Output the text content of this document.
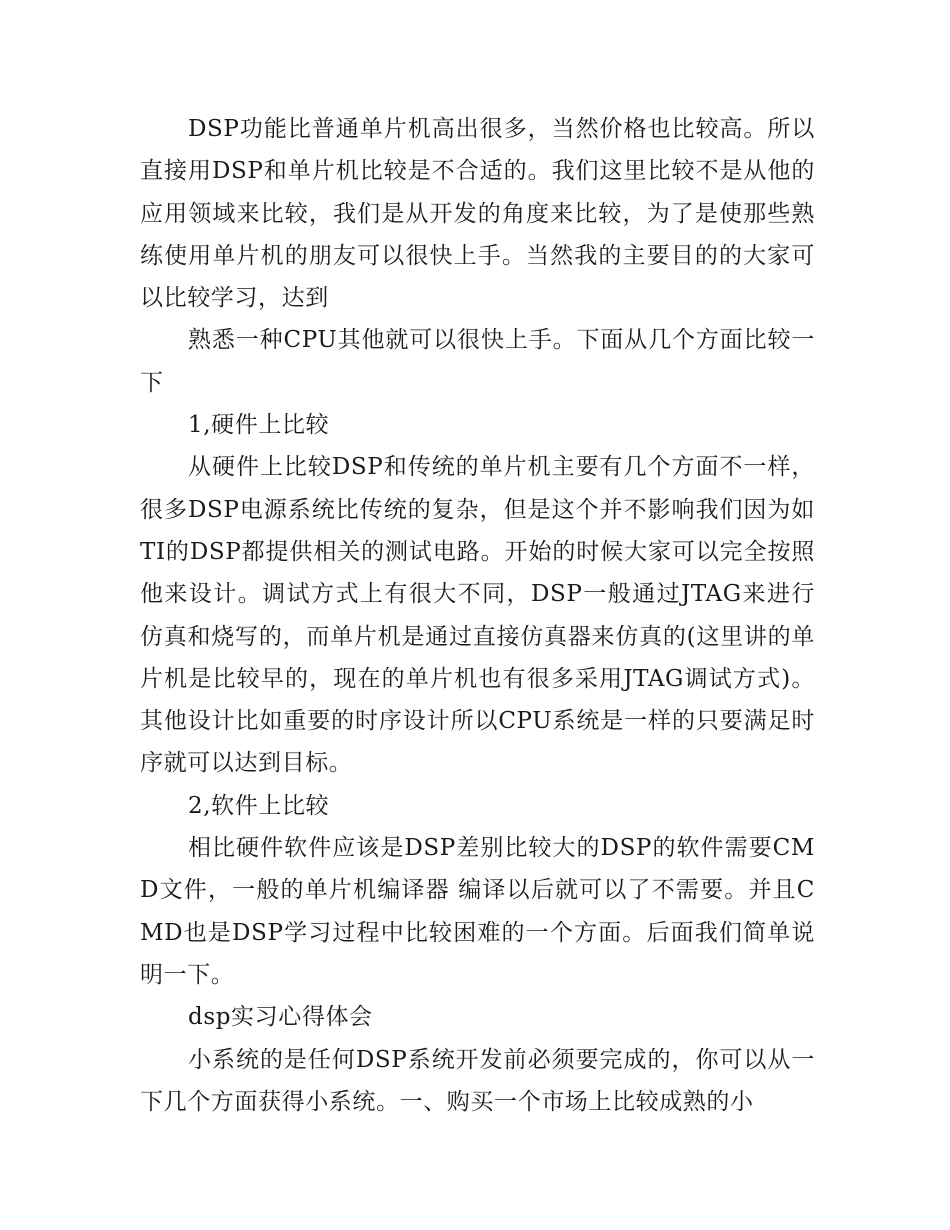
DSP功能比普通单片机高出很多，当然价格也比较高。所以直接用DSP和单片机比较是不合适的。我们这里比较不是从他的应用领域来比较，我们是从开发的角度来比较，为了是使那些熟练使用单片机的朋友可以很快上手。当然我的主要目的的大家可以比较学习，达到

熟悉一种CPU其他就可以很快上手。下面从几个方面比较一下

1,硬件上比较

从硬件上比较DSP和传统的单片机主要有几个方面不一样，很多DSP电源系统比传统的复杂，但是这个并不影响我们因为如TI的DSP都提供相关的测试电路。开始的时候大家可以完全按照他来设计。调试方式上有很大不同，DSP一般通过JTAG来进行仿真和烧写的，而单片机是通过直接仿真器来仿真的(这里讲的单片机是比较早的，现在的单片机也有很多采用JTAG调试方式)。其他设计比如重要的时序设计所以CPU系统是一样的只要满足时序就可以达到目标。

2,软件上比较

相比硬件软件应该是DSP差别比较大的DSP的软件需要CMD文件，一般的单片机编译器 编译以后就可以了不需要。并且CMD也是DSP学习过程中比较困难的一个方面。后面我们简单说明一下。

dsp实习心得体会

小系统的是任何DSP系统开发前必须要完成的，你可以从一下几个方面获得小系统。一、购买一个市场上比较成熟的小
